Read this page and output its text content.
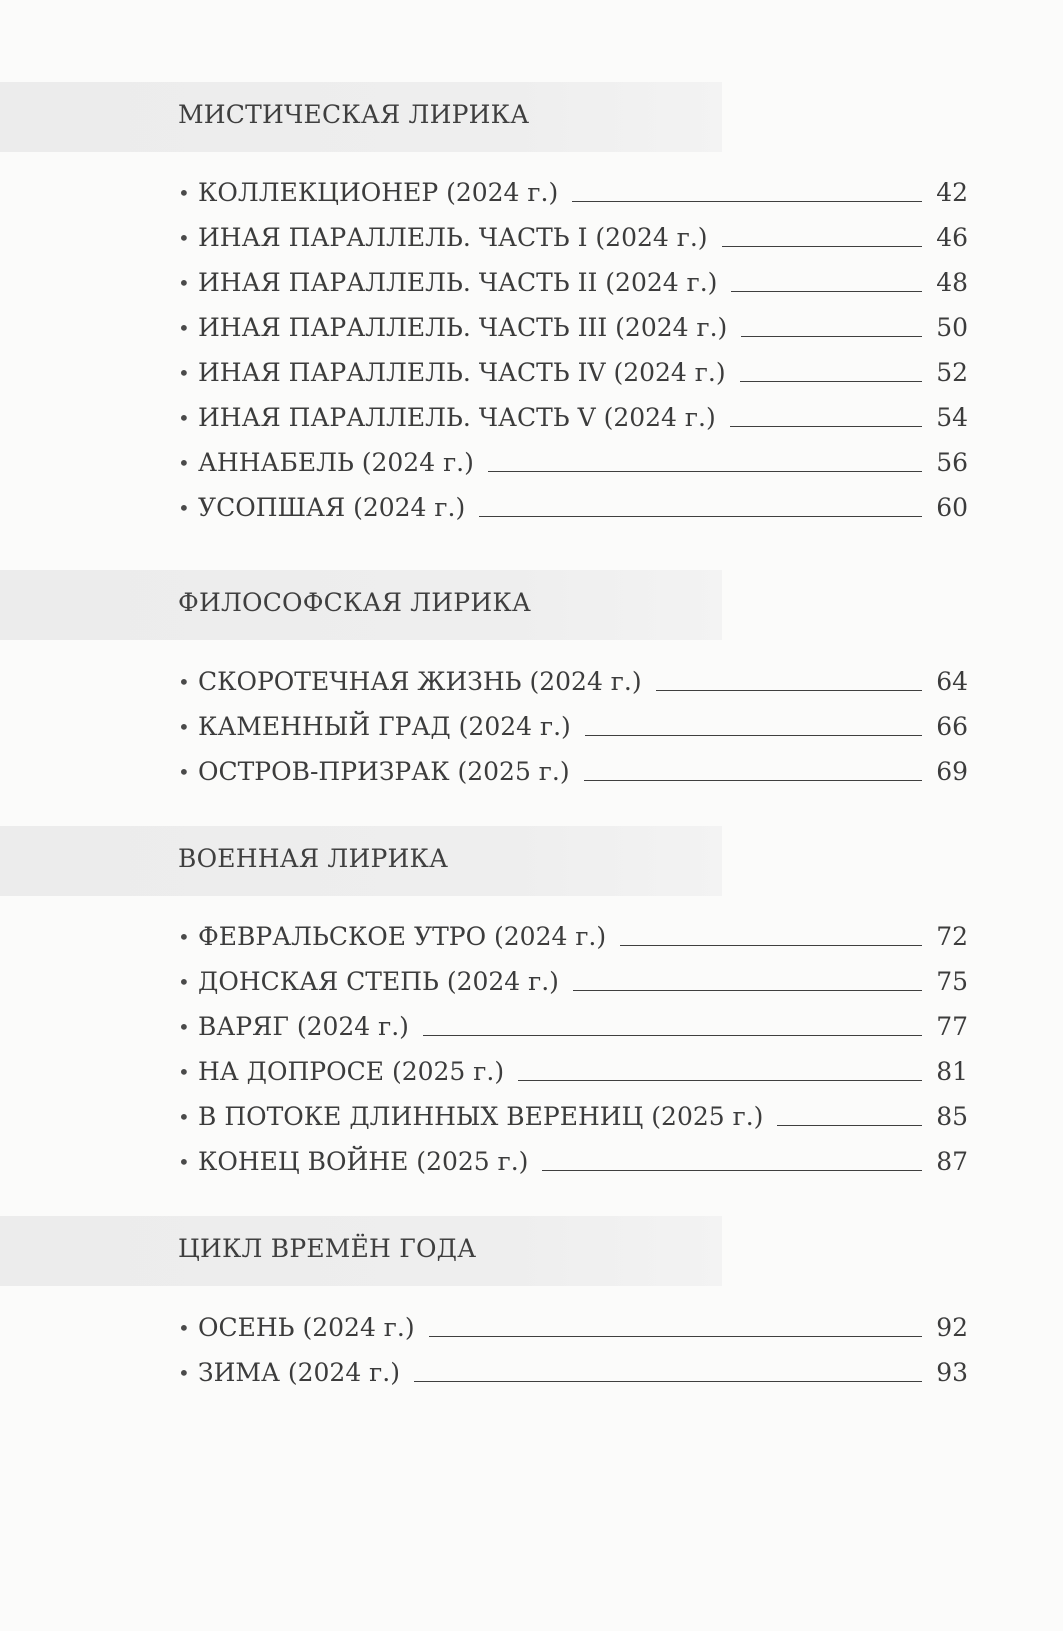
МИСТИЧЕСКАЯ ЛИРИКА
• КОЛЛЕКЦИОНЕР (2024 г.)	42
• ИНАЯ ПАРАЛЛЕЛЬ. ЧАСТЬ I (2024 г.)	46
• ИНАЯ ПАРАЛЛЕЛЬ. ЧАСТЬ II (2024 г.)	48
• ИНАЯ ПАРАЛЛЕЛЬ. ЧАСТЬ III (2024 г.)	50
• ИНАЯ ПАРАЛЛЕЛЬ. ЧАСТЬ IV (2024 г.)	52
• ИНАЯ ПАРАЛЛЕЛЬ. ЧАСТЬ V (2024 г.)	54
• АННАБЕЛЬ (2024 г.)	56
• УСОПШАЯ (2024 г.)	60
ФИЛОСОФСКАЯ ЛИРИКА
• СКОРОТЕЧНАЯ ЖИЗНЬ (2024 г.)	64
• КАМЕННЫЙ ГРАД (2024 г.)	66
• ОСТРОВ-ПРИЗРАК (2025 г.)	69
ВОЕННАЯ ЛИРИКА
• ФЕВРАЛЬСКОЕ УТРО (2024 г.)	72
• ДОНСКАЯ СТЕПЬ (2024 г.)	75
• ВАРЯГ (2024 г.)	77
• НА ДОПРОСЕ (2025 г.)	81
• В ПОТОКЕ ДЛИННЫХ ВЕРЕНИЦ (2025 г.)	85
• КОНЕЦ ВОЙНЕ (2025 г.)	87
ЦИКЛ ВРЕМЁН ГОДА
• ОСЕНЬ (2024 г.)	92
• ЗИМА (2024 г.)	93
